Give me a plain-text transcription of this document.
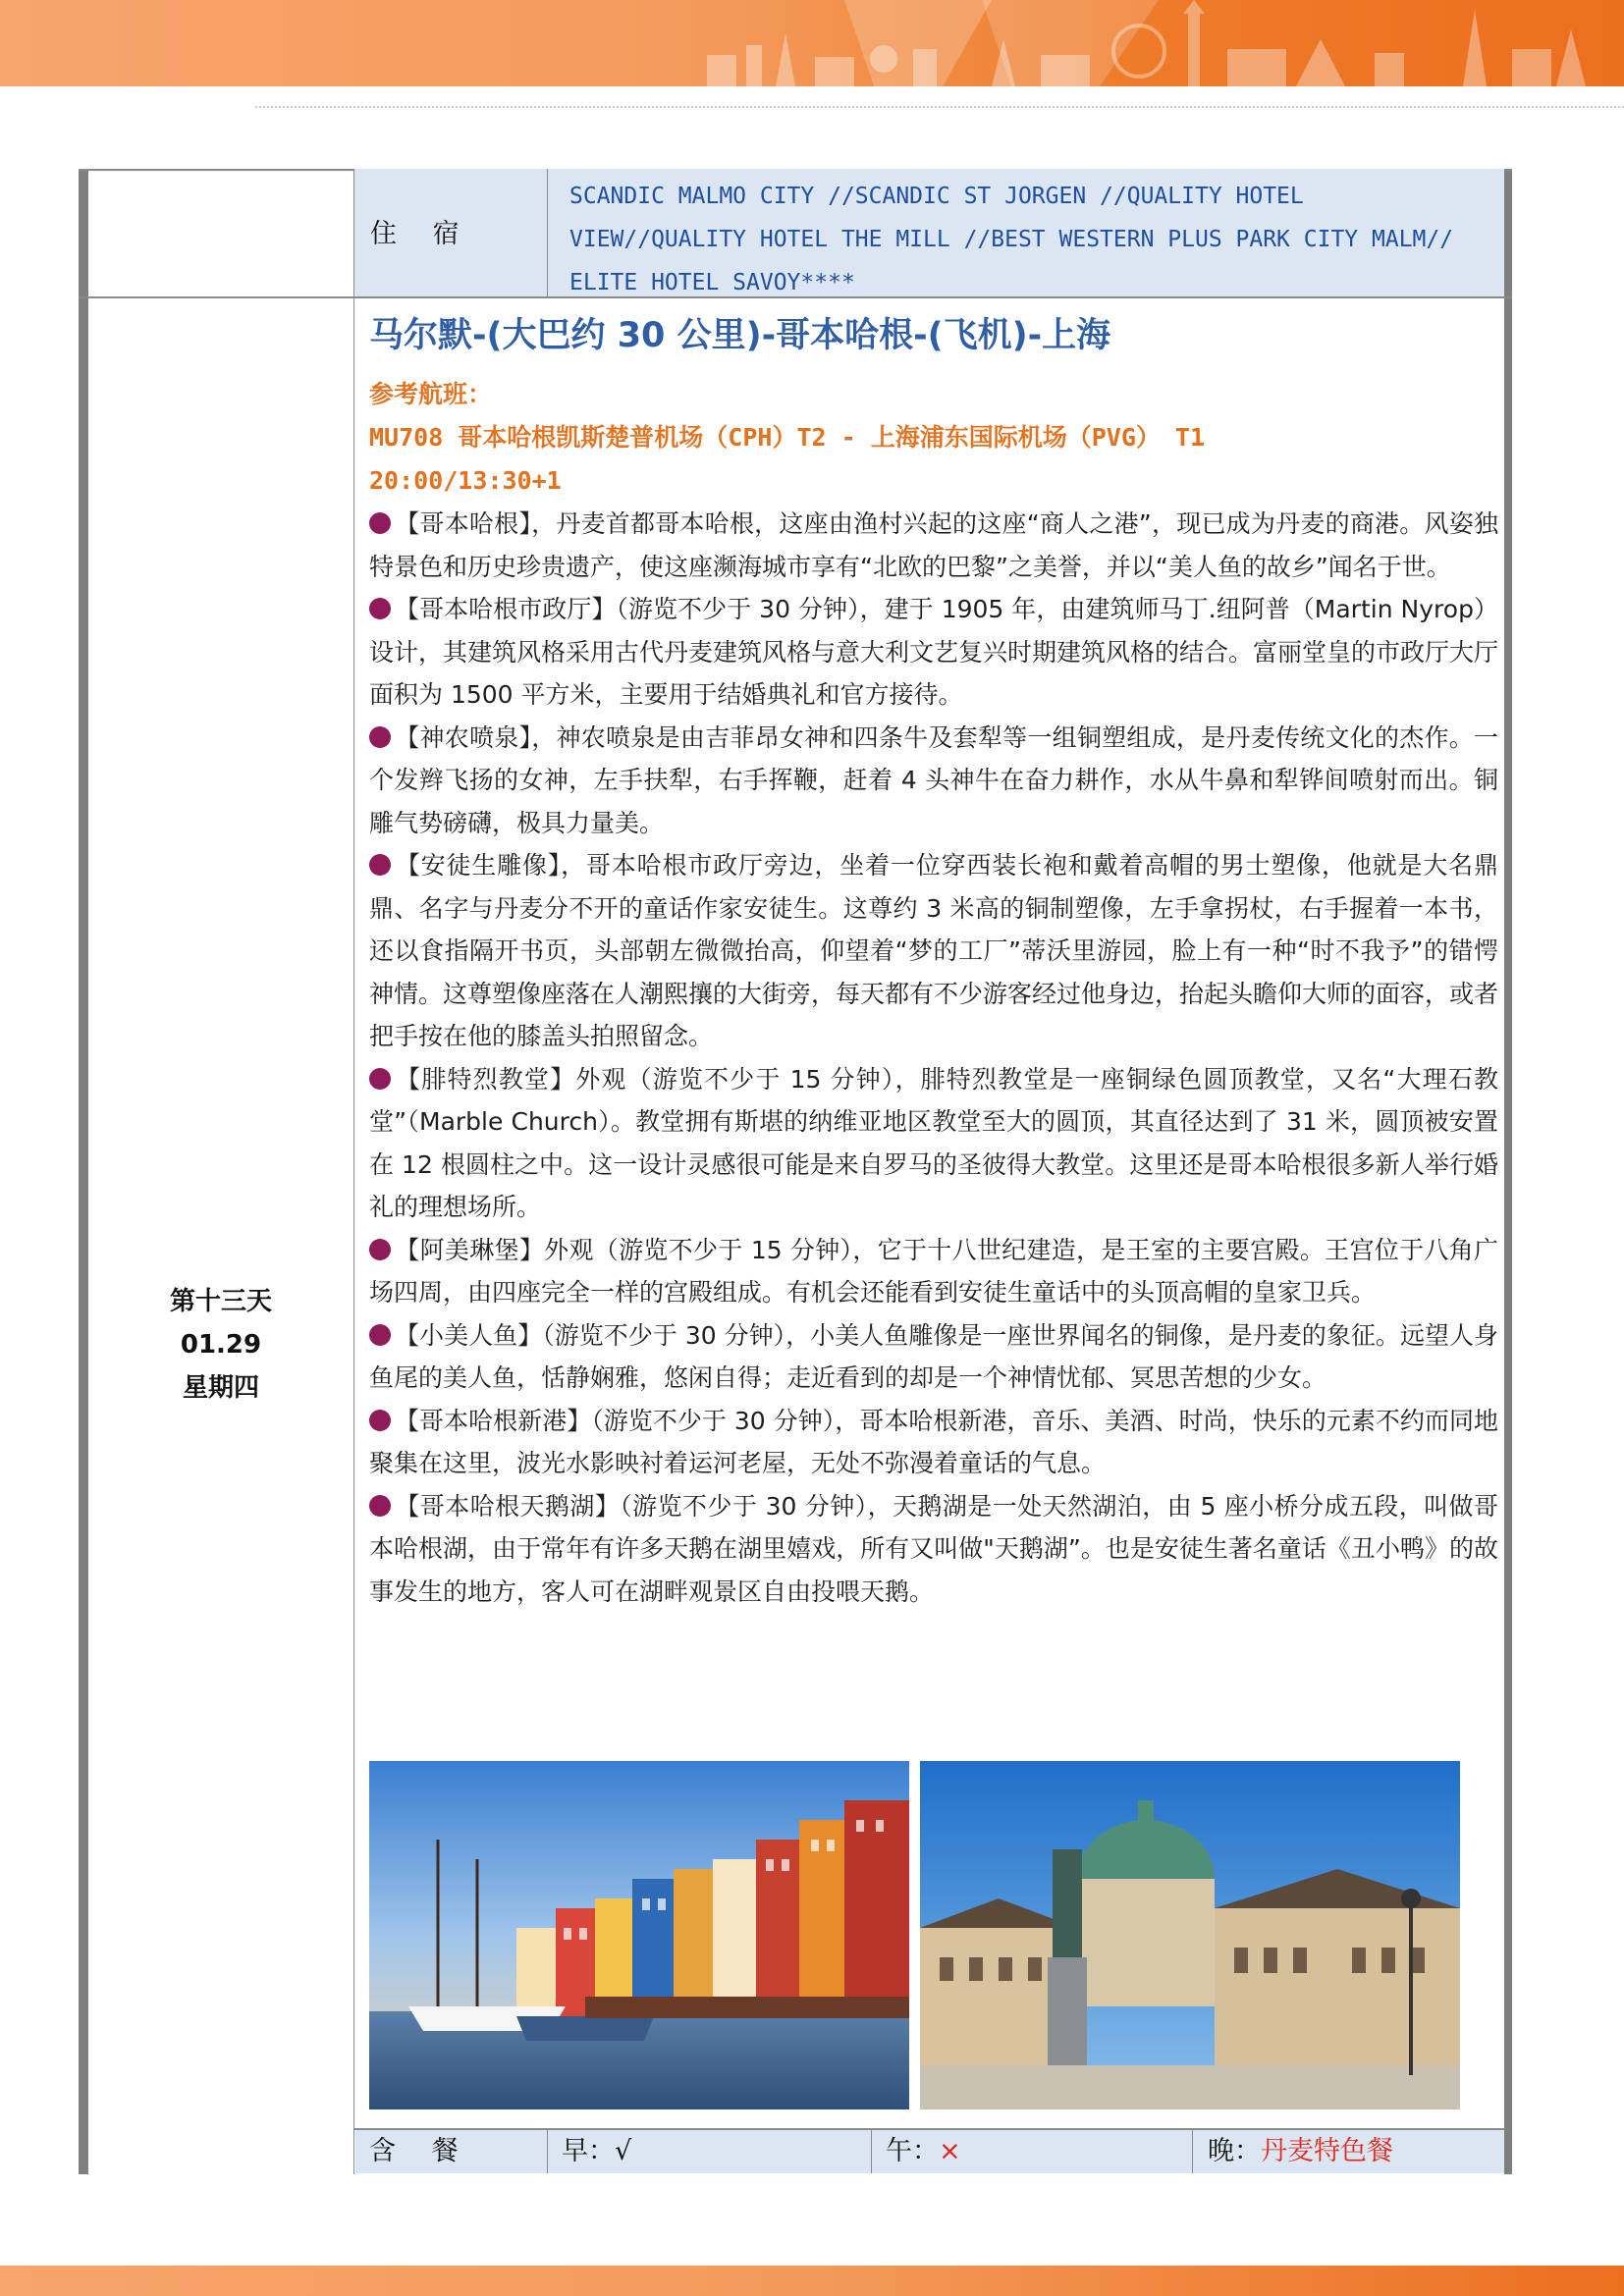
住 宿
SCANDIC MALMO CITY //SCANDIC ST JORGEN //QUALITY HOTEL
VIEW//QUALITY HOTEL THE MILL //BEST WESTERN PLUS PARK CITY MALM//
ELITE HOTEL SAVOY****
第十三天
01.29
星期四
马尔默-(大巴约 30 公里)-哥本哈根-(飞机)-上海
参考航班：
MU708 哥本哈根凯斯楚普机场（CPH）T2 - 上海浦东国际机场（PVG） T1
20:00/13:30+1

【哥本哈根】，丹麦首都哥本哈根，这座由渔村兴起的这座“商人之港”，现已成为丹麦的商港。风姿独特景色和历史珍贵遗产，使这座濒海城市享有“北欧的巴黎”之美誉，并以“美人鱼的故乡”闻名于世。

【哥本哈根市政厅】（游览不少于 30 分钟），建于 1905 年，由建筑师马丁.纽阿普（Martin Nyrop）设计，其建筑风格采用古代丹麦建筑风格与意大利文艺复兴时期建筑风格的结合。富丽堂皇的市政厅大厅面积为 1500 平方米，主要用于结婚典礼和官方接待。

【神农喷泉】，神农喷泉是由吉菲昂女神和四条牛及套犁等一组铜塑组成，是丹麦传统文化的杰作。一个发辫飞扬的女神，左手扶犁，右手挥鞭，赶着 4 头神牛在奋力耕作，水从牛鼻和犁铧间喷射而出。铜雕气势磅礴，极具力量美。

【安徒生雕像】，哥本哈根市政厅旁边，坐着一位穿西装长袍和戴着高帽的男士塑像，他就是大名鼎鼎、名字与丹麦分不开的童话作家安徒生。这尊约 3 米高的铜制塑像，左手拿拐杖，右手握着一本书，还以食指隔开书页，头部朝左微微抬高，仰望着“梦的工厂”蒂沃里游园，脸上有一种“时不我予”的错愕神情。这尊塑像座落在人潮熙攘的大街旁，每天都有不少游客经过他身边，抬起头瞻仰大师的面容，或者把手按在他的膝盖头拍照留念。

【腓特烈教堂】外观（游览不少于 15 分钟），腓特烈教堂是一座铜绿色圆顶教堂，又名“大理石教堂”（Marble Church）。教堂拥有斯堪的纳维亚地区教堂至大的圆顶，其直径达到了 31 米，圆顶被安置在 12 根圆柱之中。这一设计灵感很可能是来自罗马的圣彼得大教堂。这里还是哥本哈根很多新人举行婚礼的理想场所。

【阿美琳堡】外观（游览不少于 15 分钟），它于十八世纪建造，是王室的主要宫殿。王宫位于八角广场四周，由四座完全一样的宫殿组成。有机会还能看到安徒生童话中的头顶高帽的皇家卫兵。

【小美人鱼】（游览不少于 30 分钟），小美人鱼雕像是一座世界闻名的铜像，是丹麦的象征。远望人身鱼尾的美人鱼，恬静娴雅，悠闲自得；走近看到的却是一个神情忧郁、冥思苦想的少女。

【哥本哈根新港】（游览不少于 30 分钟），哥本哈根新港，音乐、美酒、时尚，快乐的元素不约而同地聚集在这里，波光水影映衬着运河老屋，无处不弥漫着童话的气息。

【哥本哈根天鹅湖】（游览不少于 30 分钟），天鹅湖是一处天然湖泊，由 5 座小桥分成五段，叫做哥本哈根湖，由于常年有许多天鹅在湖里嬉戏，所有又叫做"天鹅湖”。也是安徒生著名童话《丑小鸭》的故事发生的地方，客人可在湖畔观景区自由投喂天鹅。

含 餐	早：√	午：×	晚：丹麦特色餐
